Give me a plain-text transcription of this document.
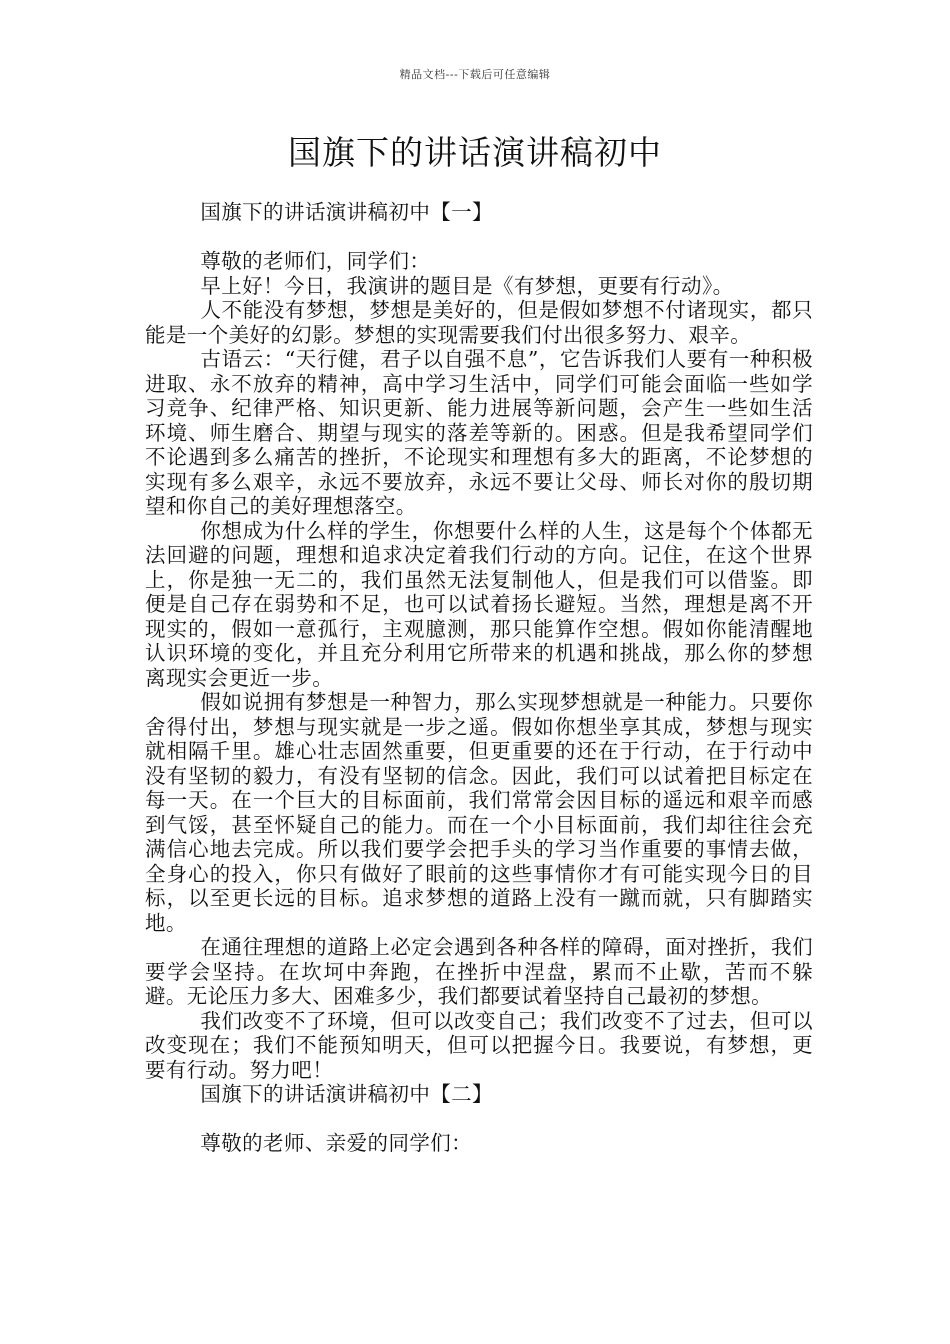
精品文档---下载后可任意编辑
国旗下的讲话演讲稿初中

国旗下的讲话演讲稿初中【一】

尊敬的老师们，同学们：

早上好！今日，我演讲的题目是《有梦想，更要有行动》。

人不能没有梦想，梦想是美好的，但是假如梦想不付诸现实，都只能是一个美好的幻影。梦想的实现需要我们付出很多努力、艰辛。

古语云：“天行健，君子以自强不息”，它告诉我们人要有一种积极进取、永不放弃的精神，高中学习生活中，同学们可能会面临一些如学习竞争、纪律严格、知识更新、能力进展等新问题，会产生一些如生活环境、师生磨合、期望与现实的落差等新的。困惑。但是我希望同学们不论遇到多么痛苦的挫折，不论现实和理想有多大的距离，不论梦想的实现有多么艰辛，永远不要放弃，永远不要让父母、师长对你的殷切期望和你自己的美好理想落空。

你想成为什么样的学生，你想要什么样的人生，这是每个个体都无法回避的问题，理想和追求决定着我们行动的方向。记住，在这个世界上，你是独一无二的，我们虽然无法复制他人，但是我们可以借鉴。即便是自己存在弱势和不足，也可以试着扬长避短。当然，理想是离不开现实的，假如一意孤行，主观臆测，那只能算作空想。假如你能清醒地认识环境的变化，并且充分利用它所带来的机遇和挑战，那么你的梦想离现实会更近一步。

假如说拥有梦想是一种智力，那么实现梦想就是一种能力。只要你舍得付出，梦想与现实就是一步之遥。假如你想坐享其成，梦想与现实就相隔千里。雄心壮志固然重要，但更重要的还在于行动，在于行动中没有坚韧的毅力，有没有坚韧的信念。因此，我们可以试着把目标定在每一天。在一个巨大的目标面前，我们常常会因目标的遥远和艰辛而感到气馁，甚至怀疑自己的能力。而在一个小目标面前，我们却往往会充满信心地去完成。所以我们要学会把手头的学习当作重要的事情去做，全身心的投入，你只有做好了眼前的这些事情你才有可能实现今日的目标，以至更长远的目标。追求梦想的道路上没有一蹴而就，只有脚踏实地。

在通往理想的道路上必定会遇到各种各样的障碍，面对挫折，我们要学会坚持。在坎坷中奔跑，在挫折中涅盘，累而不止歇，苦而不躲避。无论压力多大、困难多少，我们都要试着坚持自己最初的梦想。

我们改变不了环境，但可以改变自己；我们改变不了过去，但可以改变现在；我们不能预知明天，但可以把握今日。我要说，有梦想，更要有行动。努力吧！

国旗下的讲话演讲稿初中【二】

尊敬的老师、亲爱的同学们：
